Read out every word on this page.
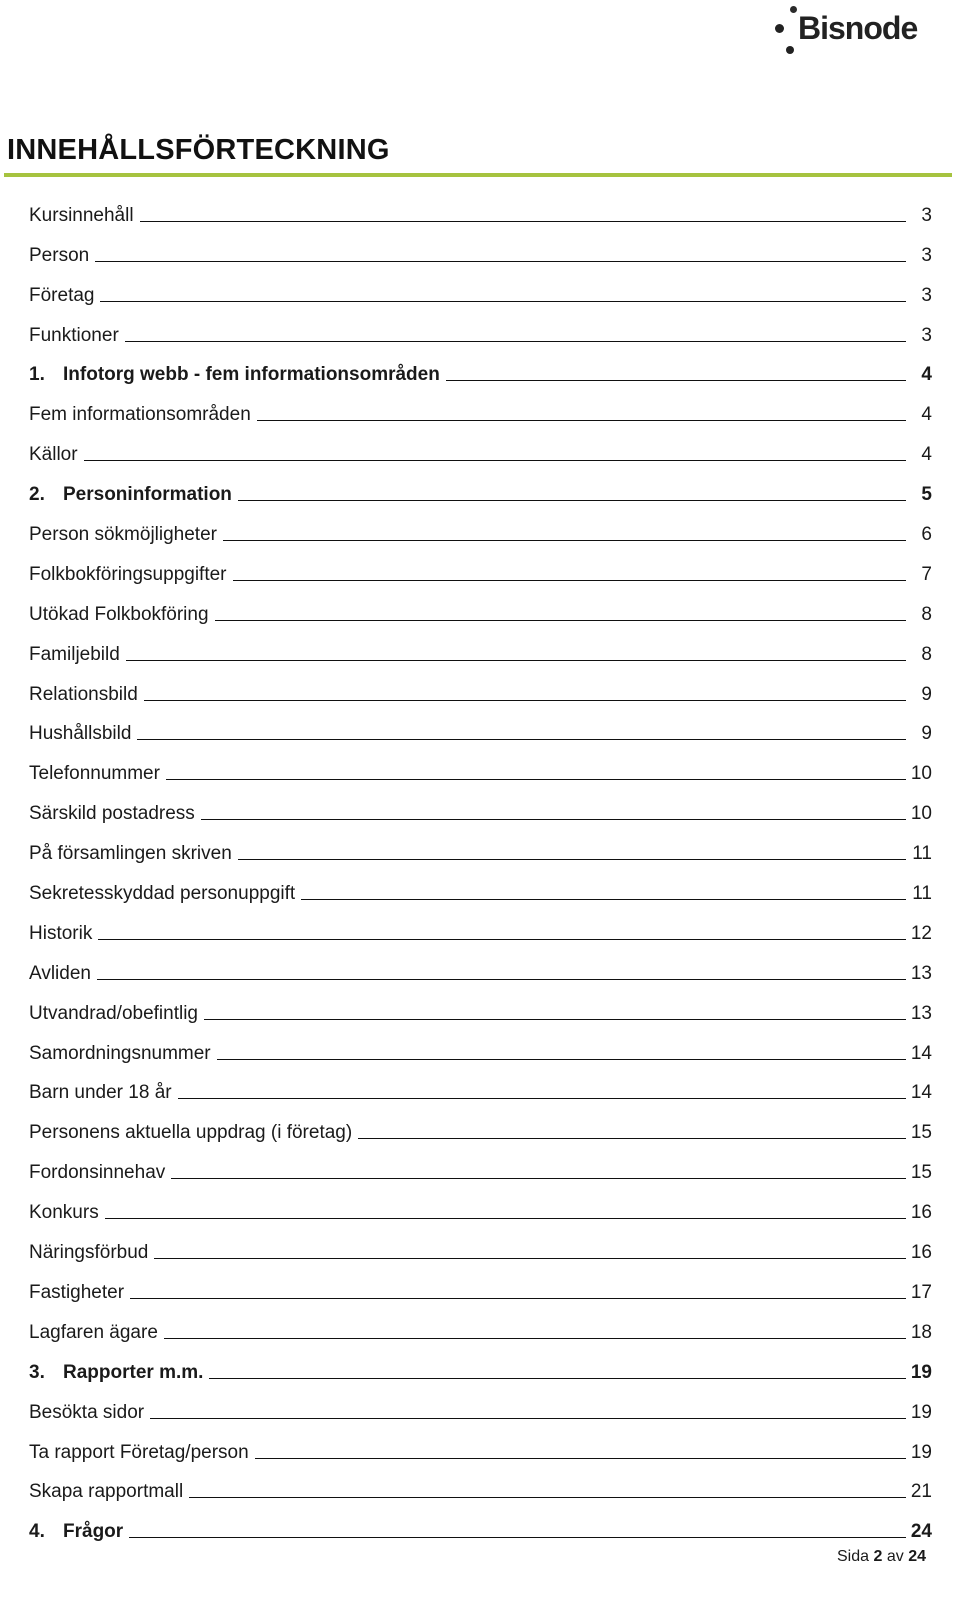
Bisnode
INNEHÅLLSFÖRTECKNING
Kursinnehåll	3
Person	3
Företag	3
Funktioner	3
1. Infotorg webb - fem informationsområden	4
Fem informationsområden	4
Källor	4
2. Personinformation	5
Person sökmöjligheter	6
Folkbokföringsuppgifter	7
Utökad Folkbokföring	8
Familjebild	8
Relationsbild	9
Hushållsbild	9
Telefonnummer	10
Särskild postadress	10
På församlingen skriven	11
Sekretesskyddad personuppgift	11
Historik	12
Avliden	13
Utvandrad/obefintlig	13
Samordningsnummer	14
Barn under 18 år	14
Personens aktuella uppdrag (i företag)	15
Fordonsinnehav	15
Konkurs	16
Näringsförbud	16
Fastigheter	17
Lagfaren ägare	18
3. Rapporter m.m.	19
Besökta sidor	19
Ta rapport Företag/person	19
Skapa rapportmall	21
4. Frågor	24
Sida 2 av 24
